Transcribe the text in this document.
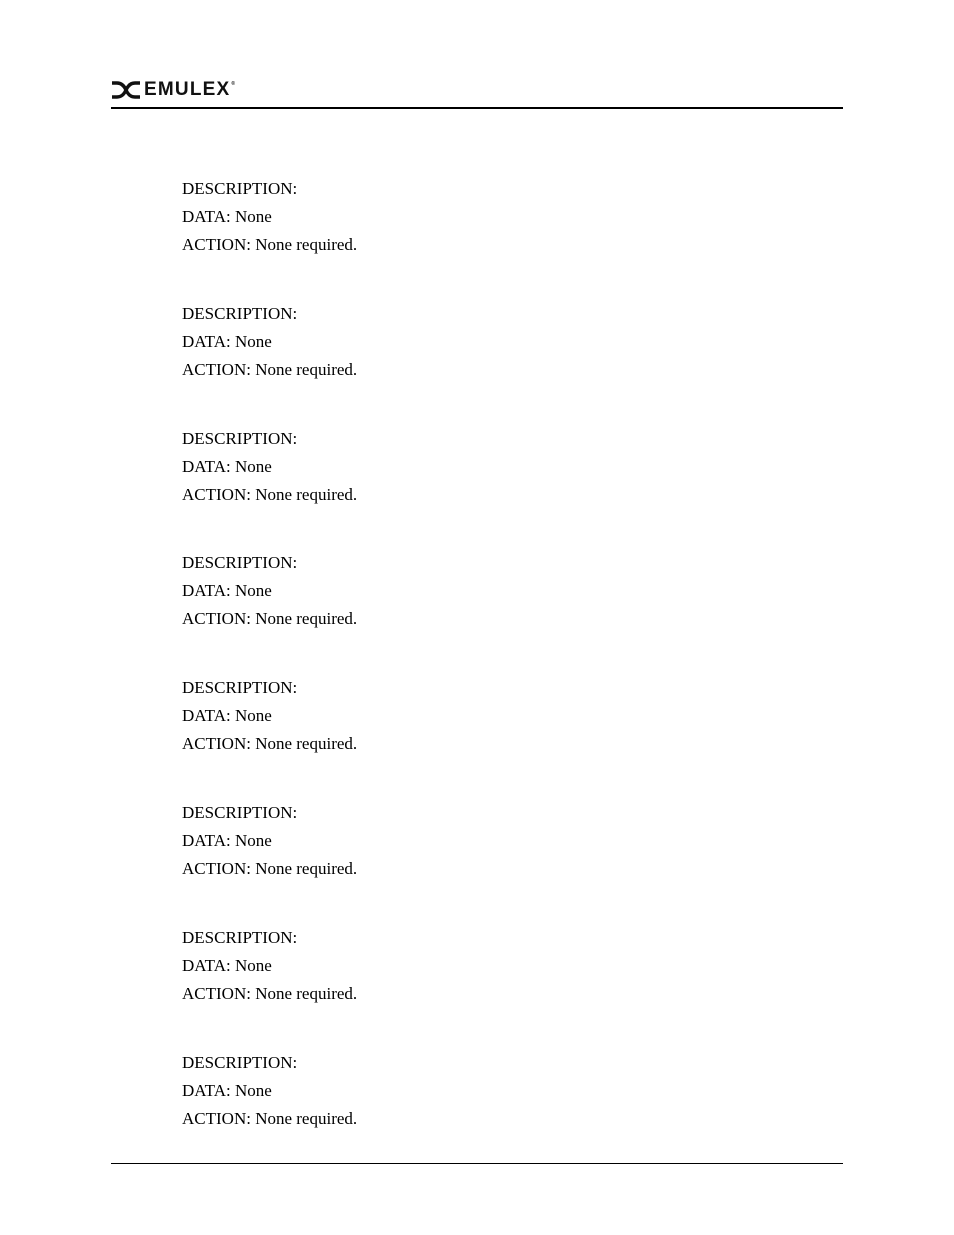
EMULEX®
DESCRIPTION:
DATA: None
ACTION: None required.
DESCRIPTION:
DATA: None
ACTION: None required.
DESCRIPTION:
DATA: None
ACTION: None required.
DESCRIPTION:
DATA: None
ACTION: None required.
DESCRIPTION:
DATA: None
ACTION: None required.
DESCRIPTION:
DATA: None
ACTION: None required.
DESCRIPTION:
DATA: None
ACTION: None required.
DESCRIPTION:
DATA: None
ACTION: None required.
